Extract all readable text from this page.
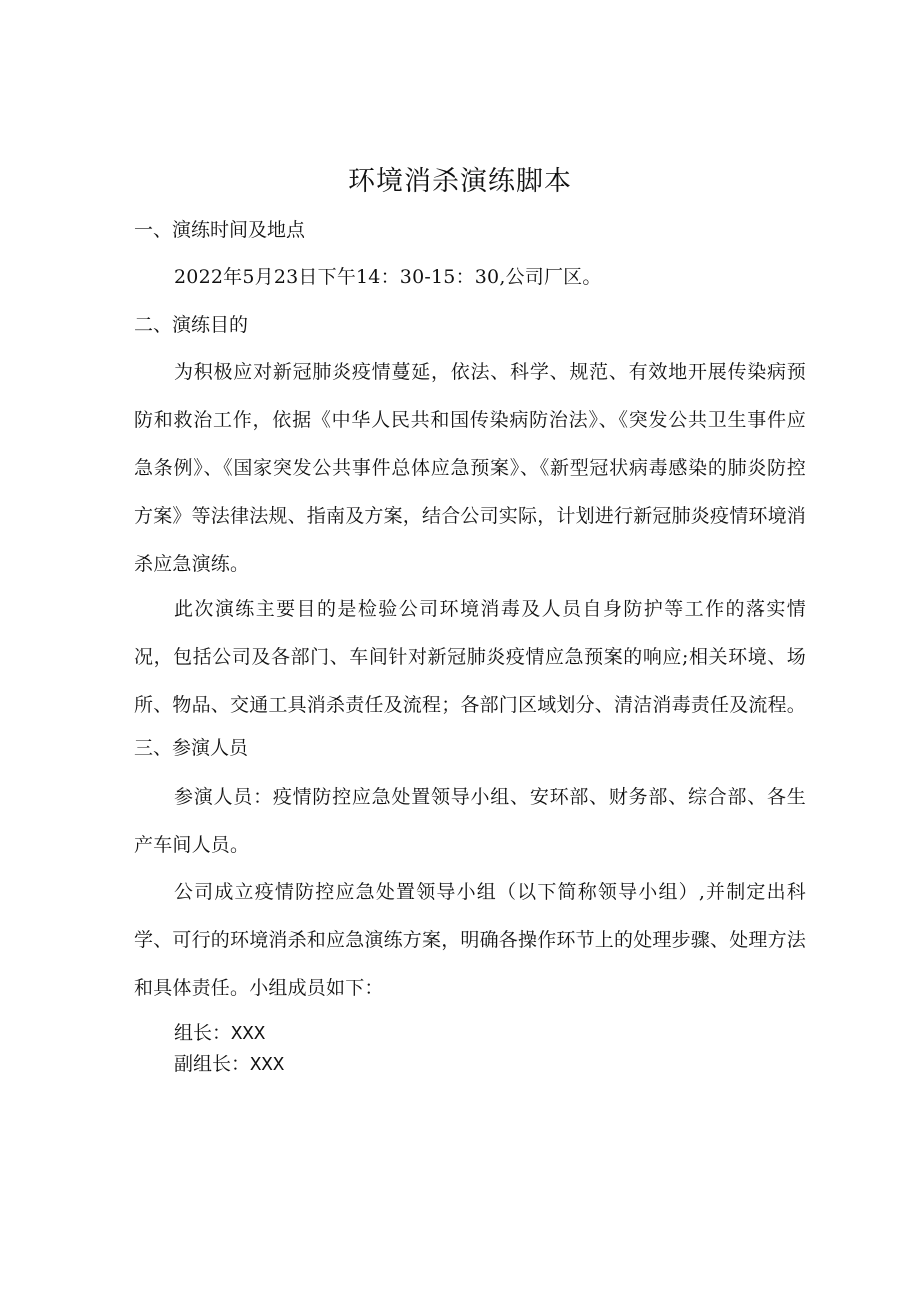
环境消杀演练脚本
一、演练时间及地点
2022年5月23日下午14：30-15：30,公司厂区。
二、演练目的
为积极应对新冠肺炎疫情蔓延，依法、科学、规范、有效地开展传染病预防和救治工作，依据《中华人民共和国传染病防治法》、《突发公共卫生事件应急条例》、《国家突发公共事件总体应急预案》、《新型冠状病毒感染的肺炎防控方案》等法律法规、指南及方案，结合公司实际，计划进行新冠肺炎疫情环境消杀应急演练。
此次演练主要目的是检验公司环境消毒及人员自身防护等工作的落实情况，包括公司及各部门、车间针对新冠肺炎疫情应急预案的响应;相关环境、场所、物品、交通工具消杀责任及流程；各部门区域划分、清洁消毒责任及流程。
三、参演人员
参演人员：疫情防控应急处置领导小组、安环部、财务部、综合部、各生产车间人员。
公司成立疫情防控应急处置领导小组（以下简称领导小组）,并制定出科学、可行的环境消杀和应急演练方案，明确各操作环节上的处理步骤、处理方法和具体责任。小组成员如下：
组长：XXX
副组长：XXX
